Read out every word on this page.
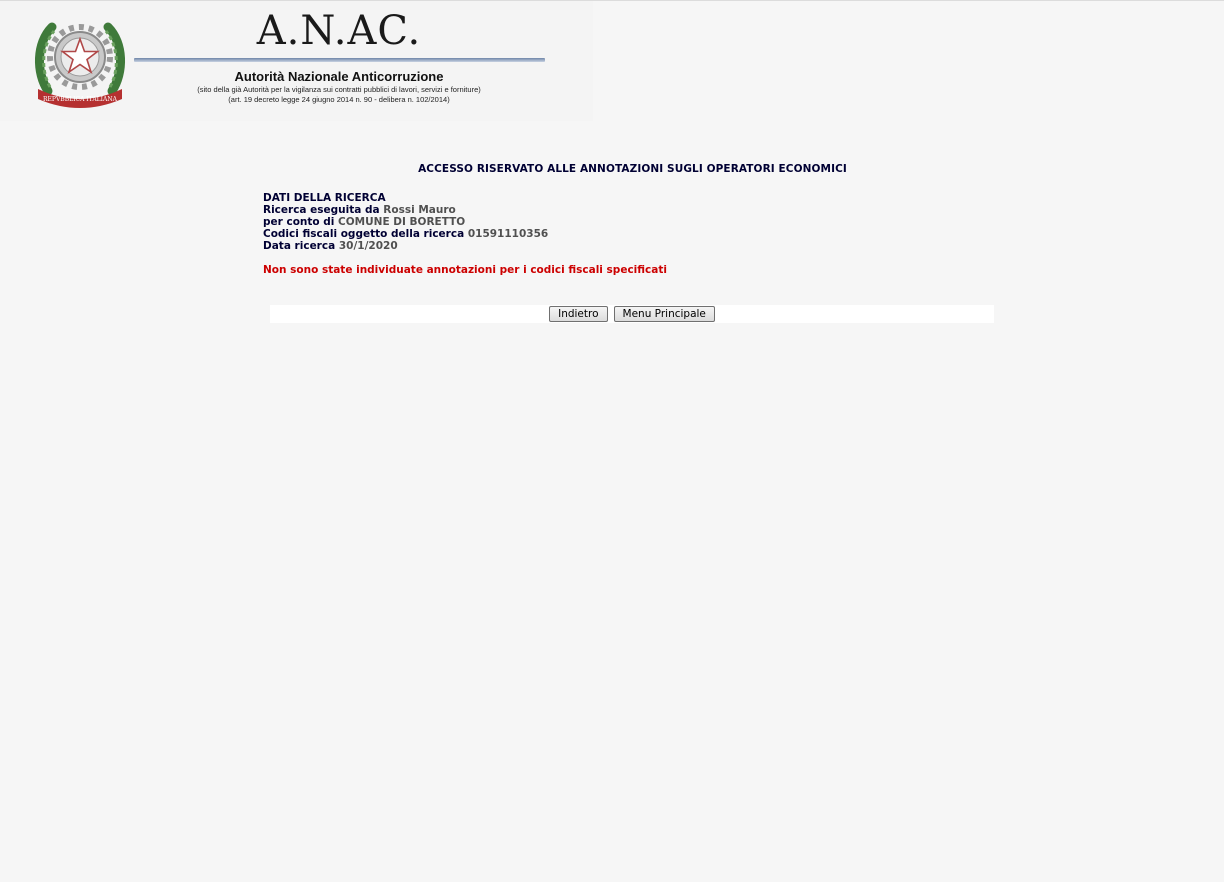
REPVBBLICA ITALIANA
A.N.AC.
Autorità Nazionale Anticorruzione
(sito della già Autorità per la vigilanza sui contratti pubblici di lavori, servizi e forniture)
(art. 19 decreto legge 24 giugno 2014 n. 90 - delibera n. 102/2014)
ACCESSO RISERVATO ALLE ANNOTAZIONI SUGLI OPERATORI ECONOMICI
DATI DELLA RICERCA
Ricerca eseguita da Rossi Mauro
per conto di COMUNE DI BORETTO
Codici fiscali oggetto della ricerca 01591110356
Data ricerca 30/1/2020
Non sono state individuate annotazioni per i codici fiscali specificati
Indietro Menu Principale
